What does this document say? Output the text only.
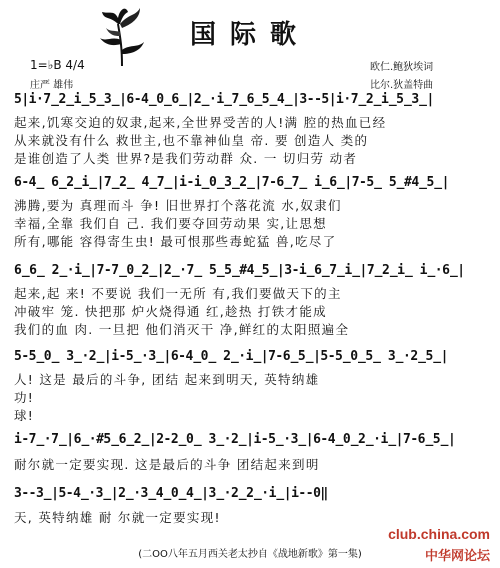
国际歌
1=♭B 4/4
庄严 雄伟
欧仁.鲍狄埃词
比尔.狄盖特曲
5|i·7̲2̲i̲5̲3̲|6-4̲0̲6̲|2̲·i̲7̲6̲5̲4̲|3--5|i·7̲2̲i̲5̲3̲|
起来,饥寒交迫的奴隶,起来,全世界受苦的人!满 腔的热血已经
从来就没有什么 救世主,也不靠神仙皇 帝. 要 创造人 类的
是谁创造了人类 世界?是我们劳动群 众. 一 切归劳 动者
6-4̲ 6̲2̲i̲|7̲2̲ 4̲7̲|i-i̲0̲3̲2̲|7-6̲7̲ i̲6̲|7-5̲ 5̲#4̲5̲|
沸腾,要为 真理而斗 争! 旧世界打个落花流 水,奴隶们
幸福,全靠 我们自 己. 我们要夺回劳动果 实,让思想
所有,哪能 容得寄生虫! 最可恨那些毒蛇猛 兽,吃尽了
6̲6̲ 2̲·i̲|7-7̲0̲2̲|2̲·7̲ 5̲5̲#4̲5̲|3-i̲6̲7̲i̲|7̲2̲i̲ i̲·6̲|
起来,起 来! 不要说 我们一无所 有,我们要做天下的主
冲破牢 笼. 快把那 炉火烧得通 红,趁热 打铁才能成
我们的血 肉. 一旦把 他们消灭干 净,鲜红的太阳照遍全
5-5̲0̲ 3̲·2̲|i-5̲·3̲|6-4̲0̲ 2̲·i̲|7-6̲5̲|5-5̲0̲5̲ 3̲·2̲5̲|
人! 这是 最后的斗争, 团结 起来到明天, 英特纳雄
功!
球!
i-7̲·7̲|6̲·#5̲6̲2̲|2-2̲0̲ 3̲·2̲|i-5̲·3̲|6-4̲0̲2̲·i̲|7-6̲5̲|
耐尔就一定要实现. 这是最后的斗争 团结起来到明
3--3̲|5-4̲·3̲|2̲·3̲4̲0̲4̲|3̲·2̲2̲·i̲|i--0‖
天, 英特纳雄 耐 尔就一定要实现!
club.china.com
(二OO八年五月西关老太抄自《战地新歌》第一集)	中华网论坛
